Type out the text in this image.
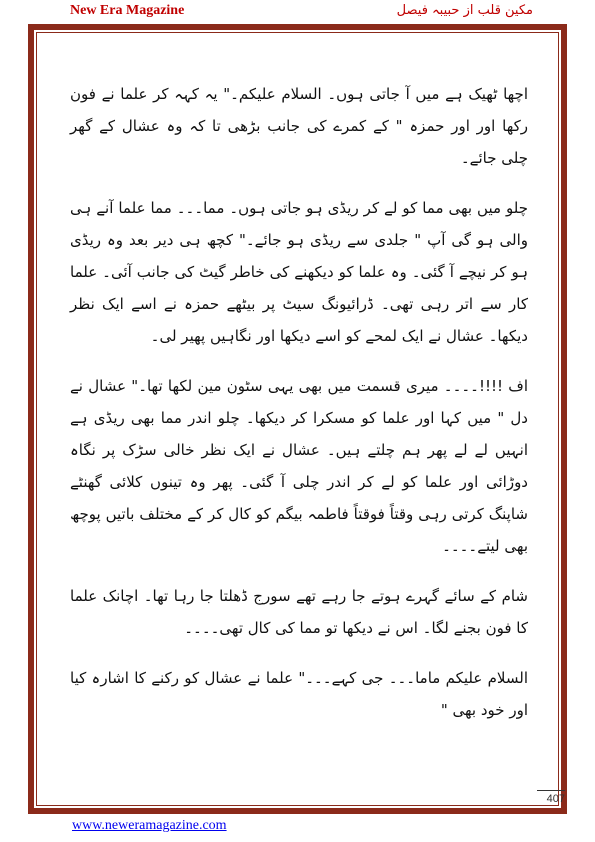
New Era Magazine	مکین قلب از حبیبہ فیصل

اچھا ٹھیک ہے میں آ جاتی ہوں۔ السلام علیکم۔" یہ کہہ کر علما نے فون رکھا اور اور حمزہ " کے کمرے کی جانب بڑھی تا کہ وہ عشال کے گھر چلی جائے۔

چلو میں بھی مما کو لے کر ریڈی ہو جاتی ہوں۔ مما۔۔۔ مما علما آنے ہی والی ہو گی آپ " جلدی سے ریڈی ہو جائے۔" کچھ ہی دیر بعد وہ ریڈی ہو کر نیچے آ گئی۔ وہ علما کو دیکھنے کی خاطر گیٹ کی جانب آئی۔ علما کار سے اتر رہی تھی۔ ڈرائیونگ سیٹ پر بیٹھے حمزہ نے اسے ایک نظر دیکھا۔ عشال نے ایک لمحے کو اسے دیکھا اور نگاہیں پھیر لی۔

اف !!!!۔۔۔۔ میری قسمت میں بھی یہی سٹون مین لکھا تھا۔" عشال نے دل " میں کہا اور علما کو مسکرا کر دیکھا۔ چلو اندر مما بھی ریڈی ہے انہیں لے لے پھر ہم چلتے ہیں۔ عشال نے ایک نظر خالی سڑک پر نگاہ دوڑائی اور علما کو لے کر اندر چلی آ گئی۔ پھر وہ تینوں کلائی گھنٹے شاپنگ کرتی رہی وقتاً فوقتاً فاطمہ بیگم کو کال کر کے مختلف باتیں پوچھ بھی لیتے۔۔۔۔

شام کے سائے گہرے ہوتے جا رہے تھے سورج ڈھلتا جا رہا تھا۔ اچانک علما کا فون بجنے لگا۔ اس نے دیکھا تو مما کی کال تھی۔۔۔۔

السلام علیکم ماما۔۔۔ جی کہے۔۔۔" علما نے عشال کو رکنے کا اشارہ کیا اور خود بھی "

407
www.neweramagazine.com
